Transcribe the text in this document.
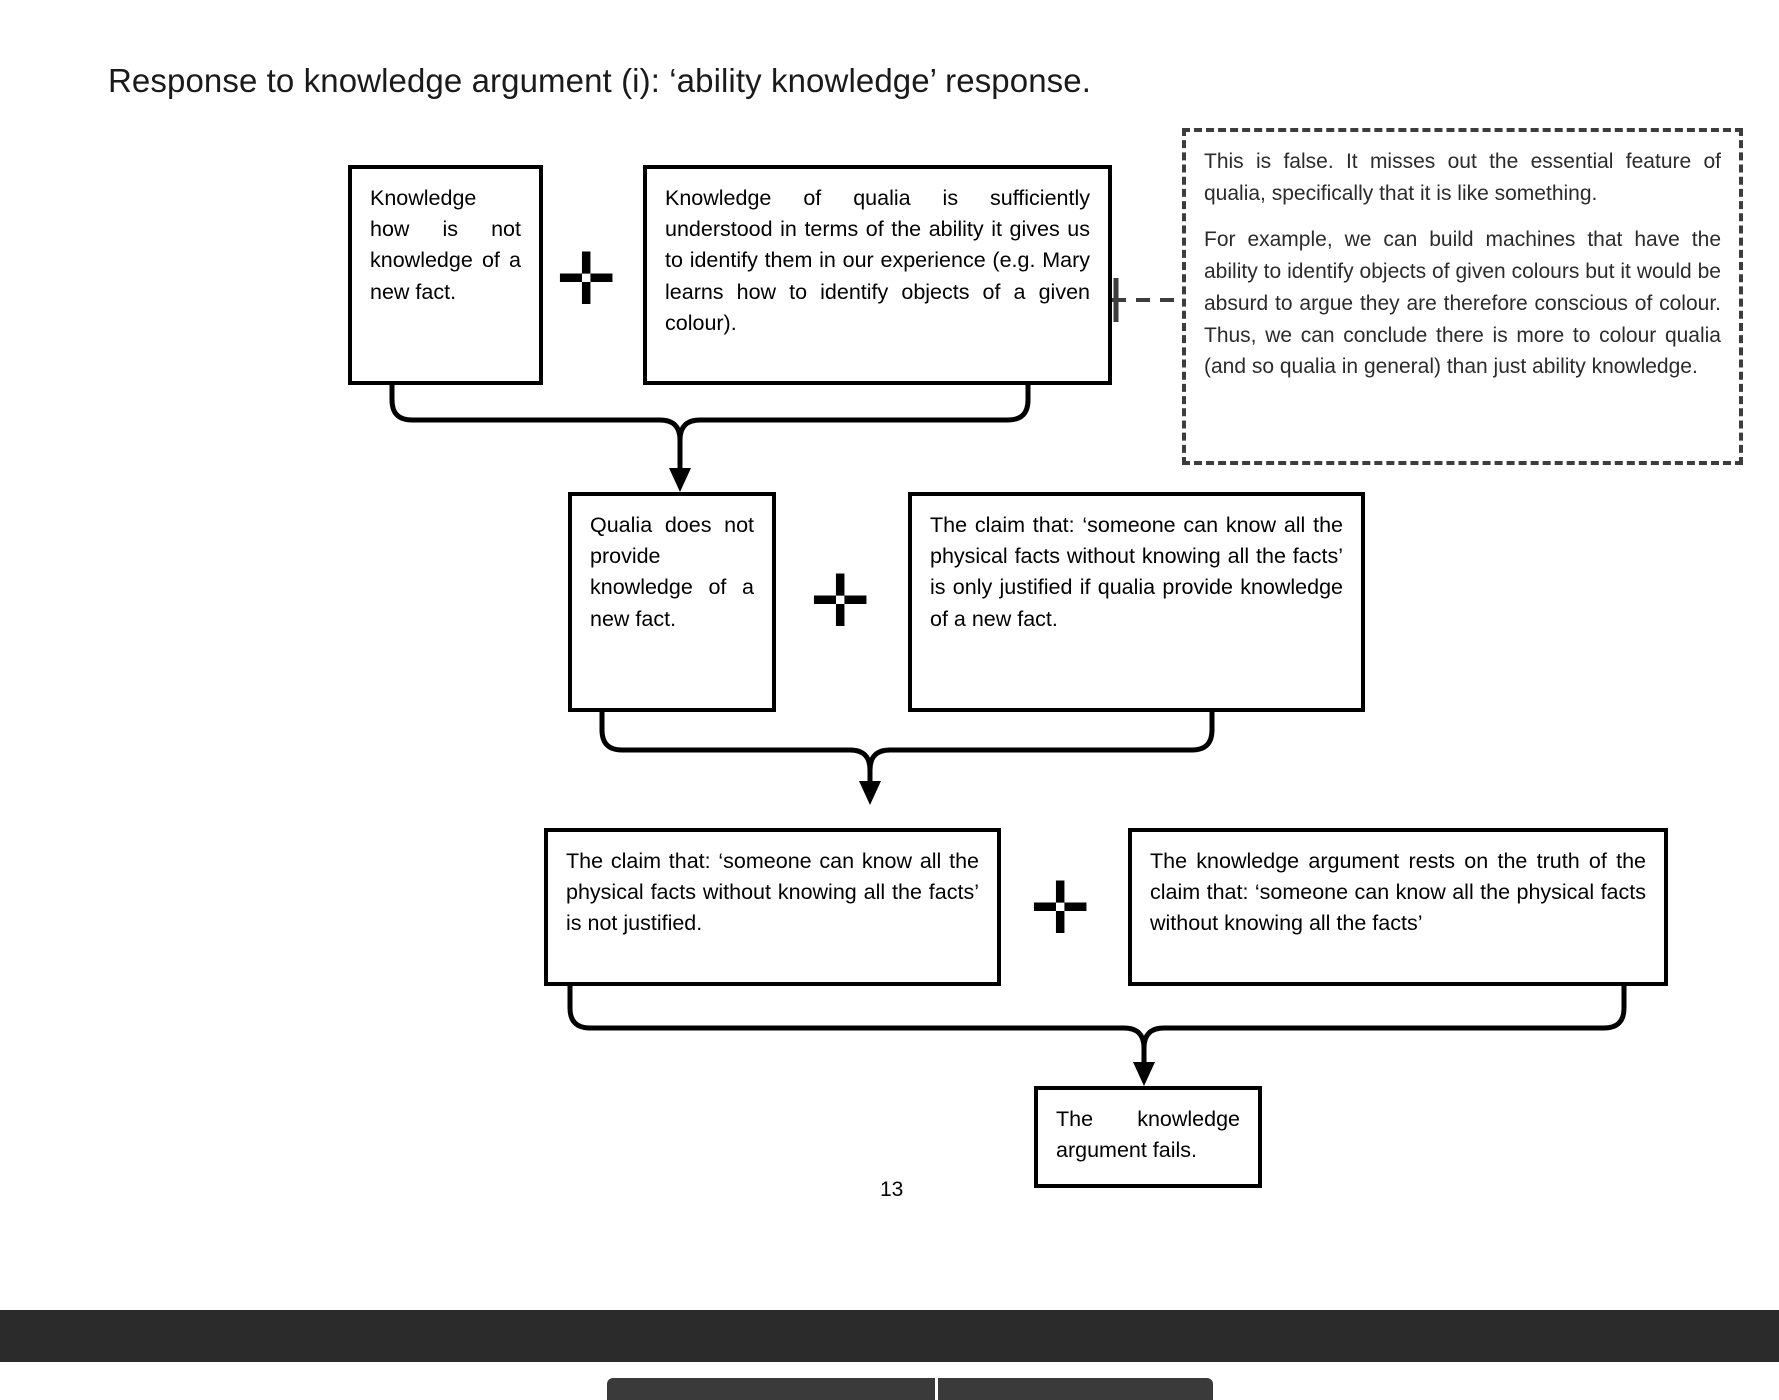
Response to knowledge argument (i): ‘ability knowledge’ response.

Knowledge how is not knowledge of a new fact.	✛

Knowledge of qualia is sufficiently understood in terms of the ability it gives us to identify them in our experience (e.g. Mary learns how to identify objects of a given colour).

This is false. It misses out the essential feature of qualia, specifically that it is like something.

For example, we can build machines that have the ability to identify objects of given colours but it would be absurd to argue they are therefore conscious of colour. Thus, we can conclude there is more to colour qualia (and so qualia in general) than just ability knowledge.

Qualia does not provide knowledge of a new fact.	✛

The claim that: ‘someone can know all the physical facts without knowing all the facts’ is only justified if qualia provide knowledge of a new fact.

The claim that: ‘someone can know all the physical facts without knowing all the facts’ is not justified.	✛

The knowledge argument rests on the truth of the claim that: ‘someone can know all the physical facts without knowing all the facts’

The knowledge argument fails.

13
